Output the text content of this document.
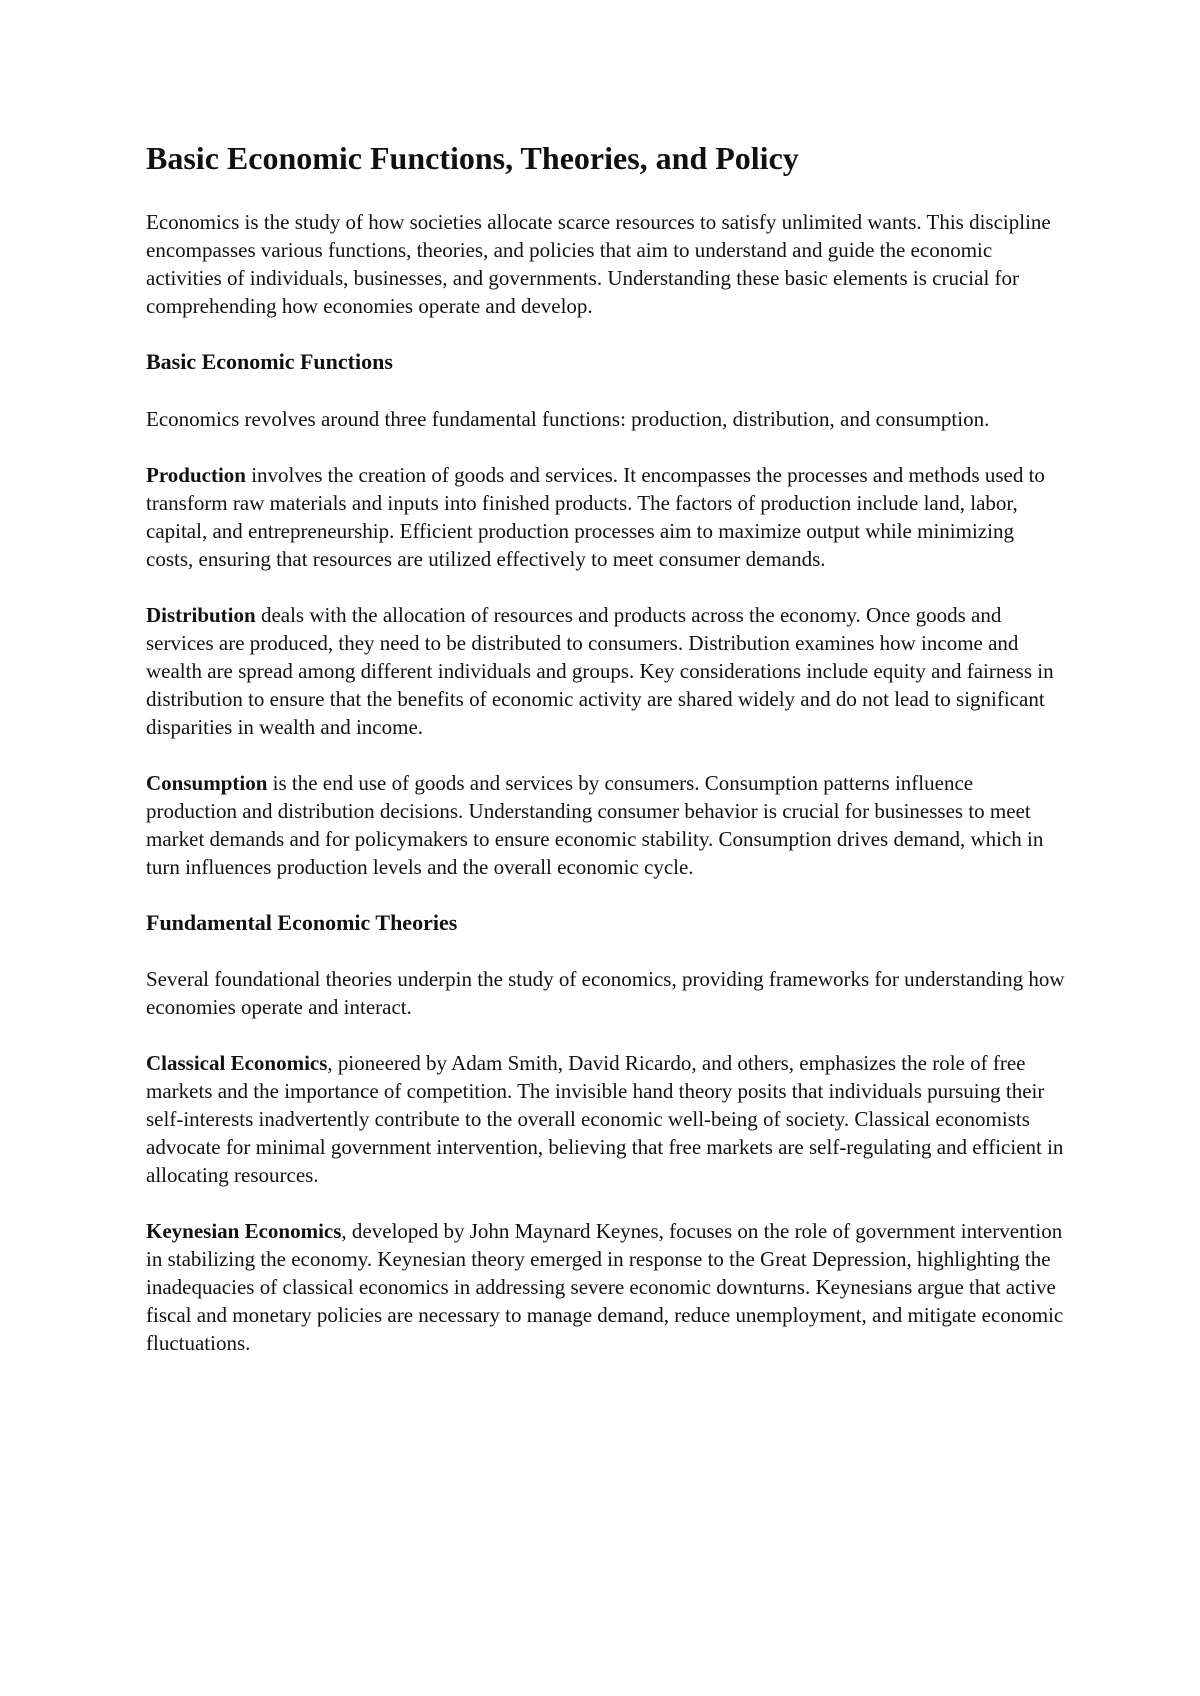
Basic Economic Functions, Theories, and Policy

Economics is the study of how societies allocate scarce resources to satisfy unlimited wants. This discipline encompasses various functions, theories, and policies that aim to understand and guide the economic activities of individuals, businesses, and governments. Understanding these basic elements is crucial for comprehending how economies operate and develop.

Basic Economic Functions

Economics revolves around three fundamental functions: production, distribution, and consumption.

Production involves the creation of goods and services. It encompasses the processes and methods used to transform raw materials and inputs into finished products. The factors of production include land, labor, capital, and entrepreneurship. Efficient production processes aim to maximize output while minimizing costs, ensuring that resources are utilized effectively to meet consumer demands.

Distribution deals with the allocation of resources and products across the economy. Once goods and services are produced, they need to be distributed to consumers. Distribution examines how income and wealth are spread among different individuals and groups. Key considerations include equity and fairness in distribution to ensure that the benefits of economic activity are shared widely and do not lead to significant disparities in wealth and income.

Consumption is the end use of goods and services by consumers. Consumption patterns influence production and distribution decisions. Understanding consumer behavior is crucial for businesses to meet market demands and for policymakers to ensure economic stability. Consumption drives demand, which in turn influences production levels and the overall economic cycle.

Fundamental Economic Theories

Several foundational theories underpin the study of economics, providing frameworks for understanding how economies operate and interact.

Classical Economics, pioneered by Adam Smith, David Ricardo, and others, emphasizes the role of free markets and the importance of competition. The invisible hand theory posits that individuals pursuing their self-interests inadvertently contribute to the overall economic well-being of society. Classical economists advocate for minimal government intervention, believing that free markets are self-regulating and efficient in allocating resources.

Keynesian Economics, developed by John Maynard Keynes, focuses on the role of government intervention in stabilizing the economy. Keynesian theory emerged in response to the Great Depression, highlighting the inadequacies of classical economics in addressing severe economic downturns. Keynesians argue that active fiscal and monetary policies are necessary to manage demand, reduce unemployment, and mitigate economic fluctuations.
